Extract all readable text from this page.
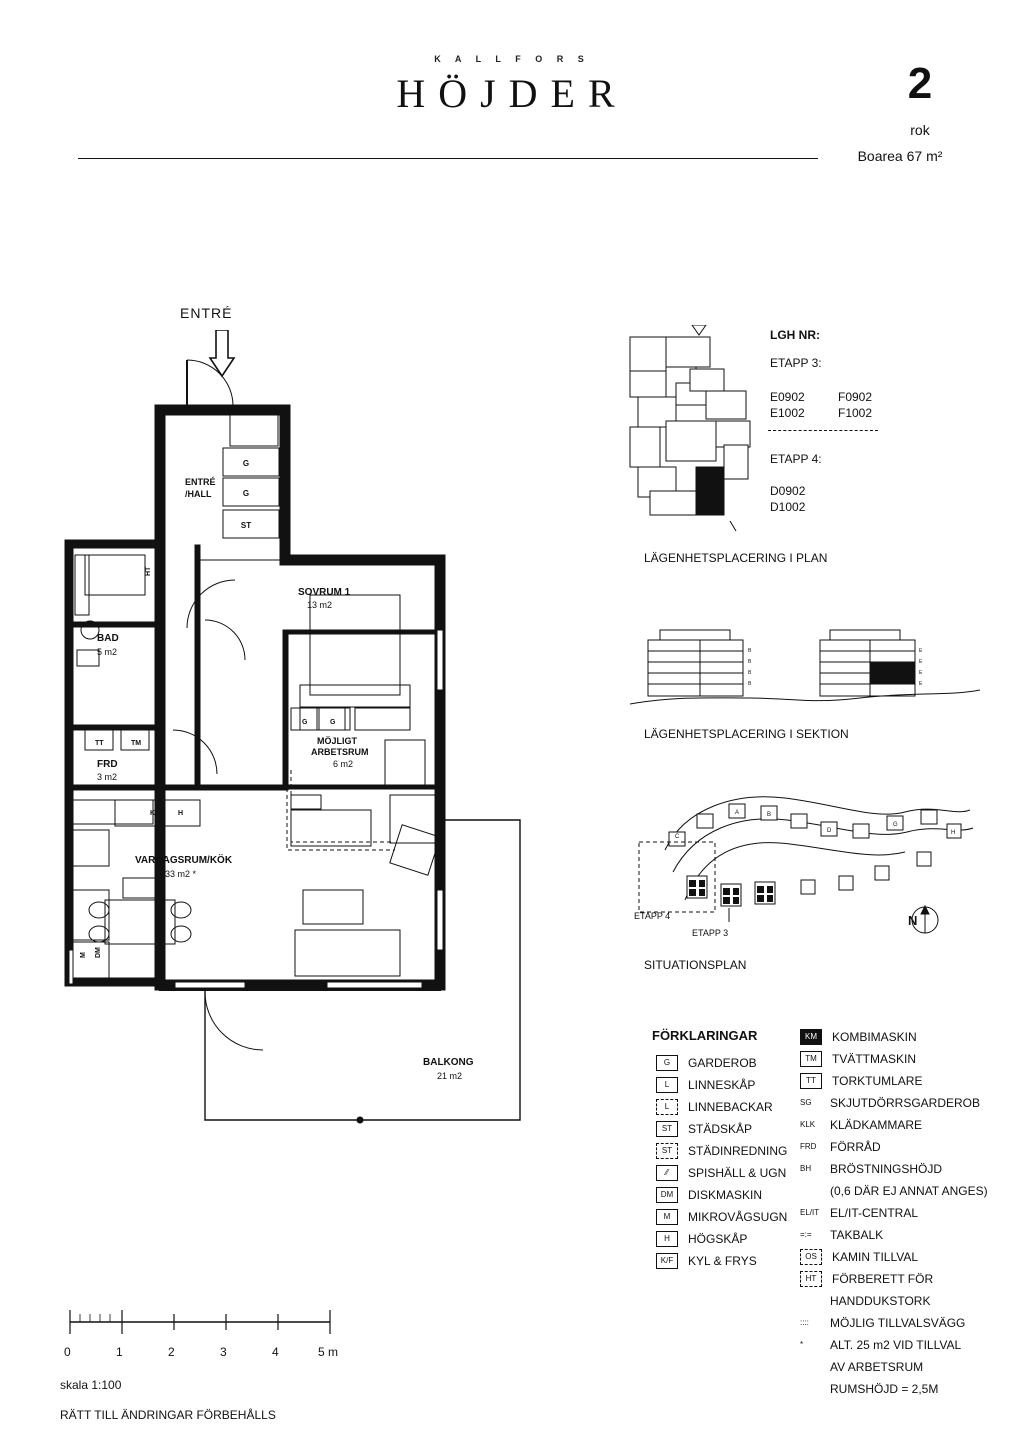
K A L L F O R S
HÖJDER	2
rok
Boarea 67 m²
ENTRÉ
ENTRÉ
/HALL
G
G
ST
BAD
5 m2
TT	TM
HT
FRD
3 m2
SOVRUM 1
13 m2
G	G
MÖJLIGT
ARBETSRUM
6 m2
VARDAGSRUM/KÖK
33 m2 *
K/F H
M DM
BALKONG
21 m2
LGH NR:
ETAPP 3:
E0902	F0902
E1002	F1002
ETAPP 4:
D0902
D1002
LÄGENHETSPLACERING I PLAN
B
B
B
B
E
E
E
E
LÄGENHETSPLACERING I SEKTION
C
A	B
D
G
H
ETAPP 4
ETAPP 3
N
SITUATIONSPLAN
FÖRKLARINGAR
G	GARDEROB
L	LINNESKÅP
L	LINNEBACKAR
ST	STÄDSKÅP
ST	STÄDINREDNING
⁄⁄	SPISHÄLL & UGN
DM	DISKMASKIN
M	MIKROVÅGSUGN
H	HÖGSKÅP
K/F	KYL & FRYS
KM	KOMBIMASKIN
TM	TVÄTTMASKIN
TT	TORKTUMLARE
SG	SKJUTDÖRRSGARDEROB
KLK	KLÄDKAMMARE
FRD FÖRRÅD
BH	BRÖSTNINGSHÖJD
(0,6 DÄR EJ ANNAT ANGES)
EL/IT EL/IT-CENTRAL
=:=	TAKBALK
OS	KAMIN TILLVAL
HT	FÖRBERETT FÖR
HANDDUKSTORK
::::	MÖJLIG TILLVALSVÄGG
*	ALT. 25 m2 VID TILLVAL
AV ARBETSRUM
RUMSHÖJD = 2,5M
0	1	2	3	4	5 m
skala 1:100
RÄTT TILL ÄNDRINGAR FÖRBEHÅLLS
